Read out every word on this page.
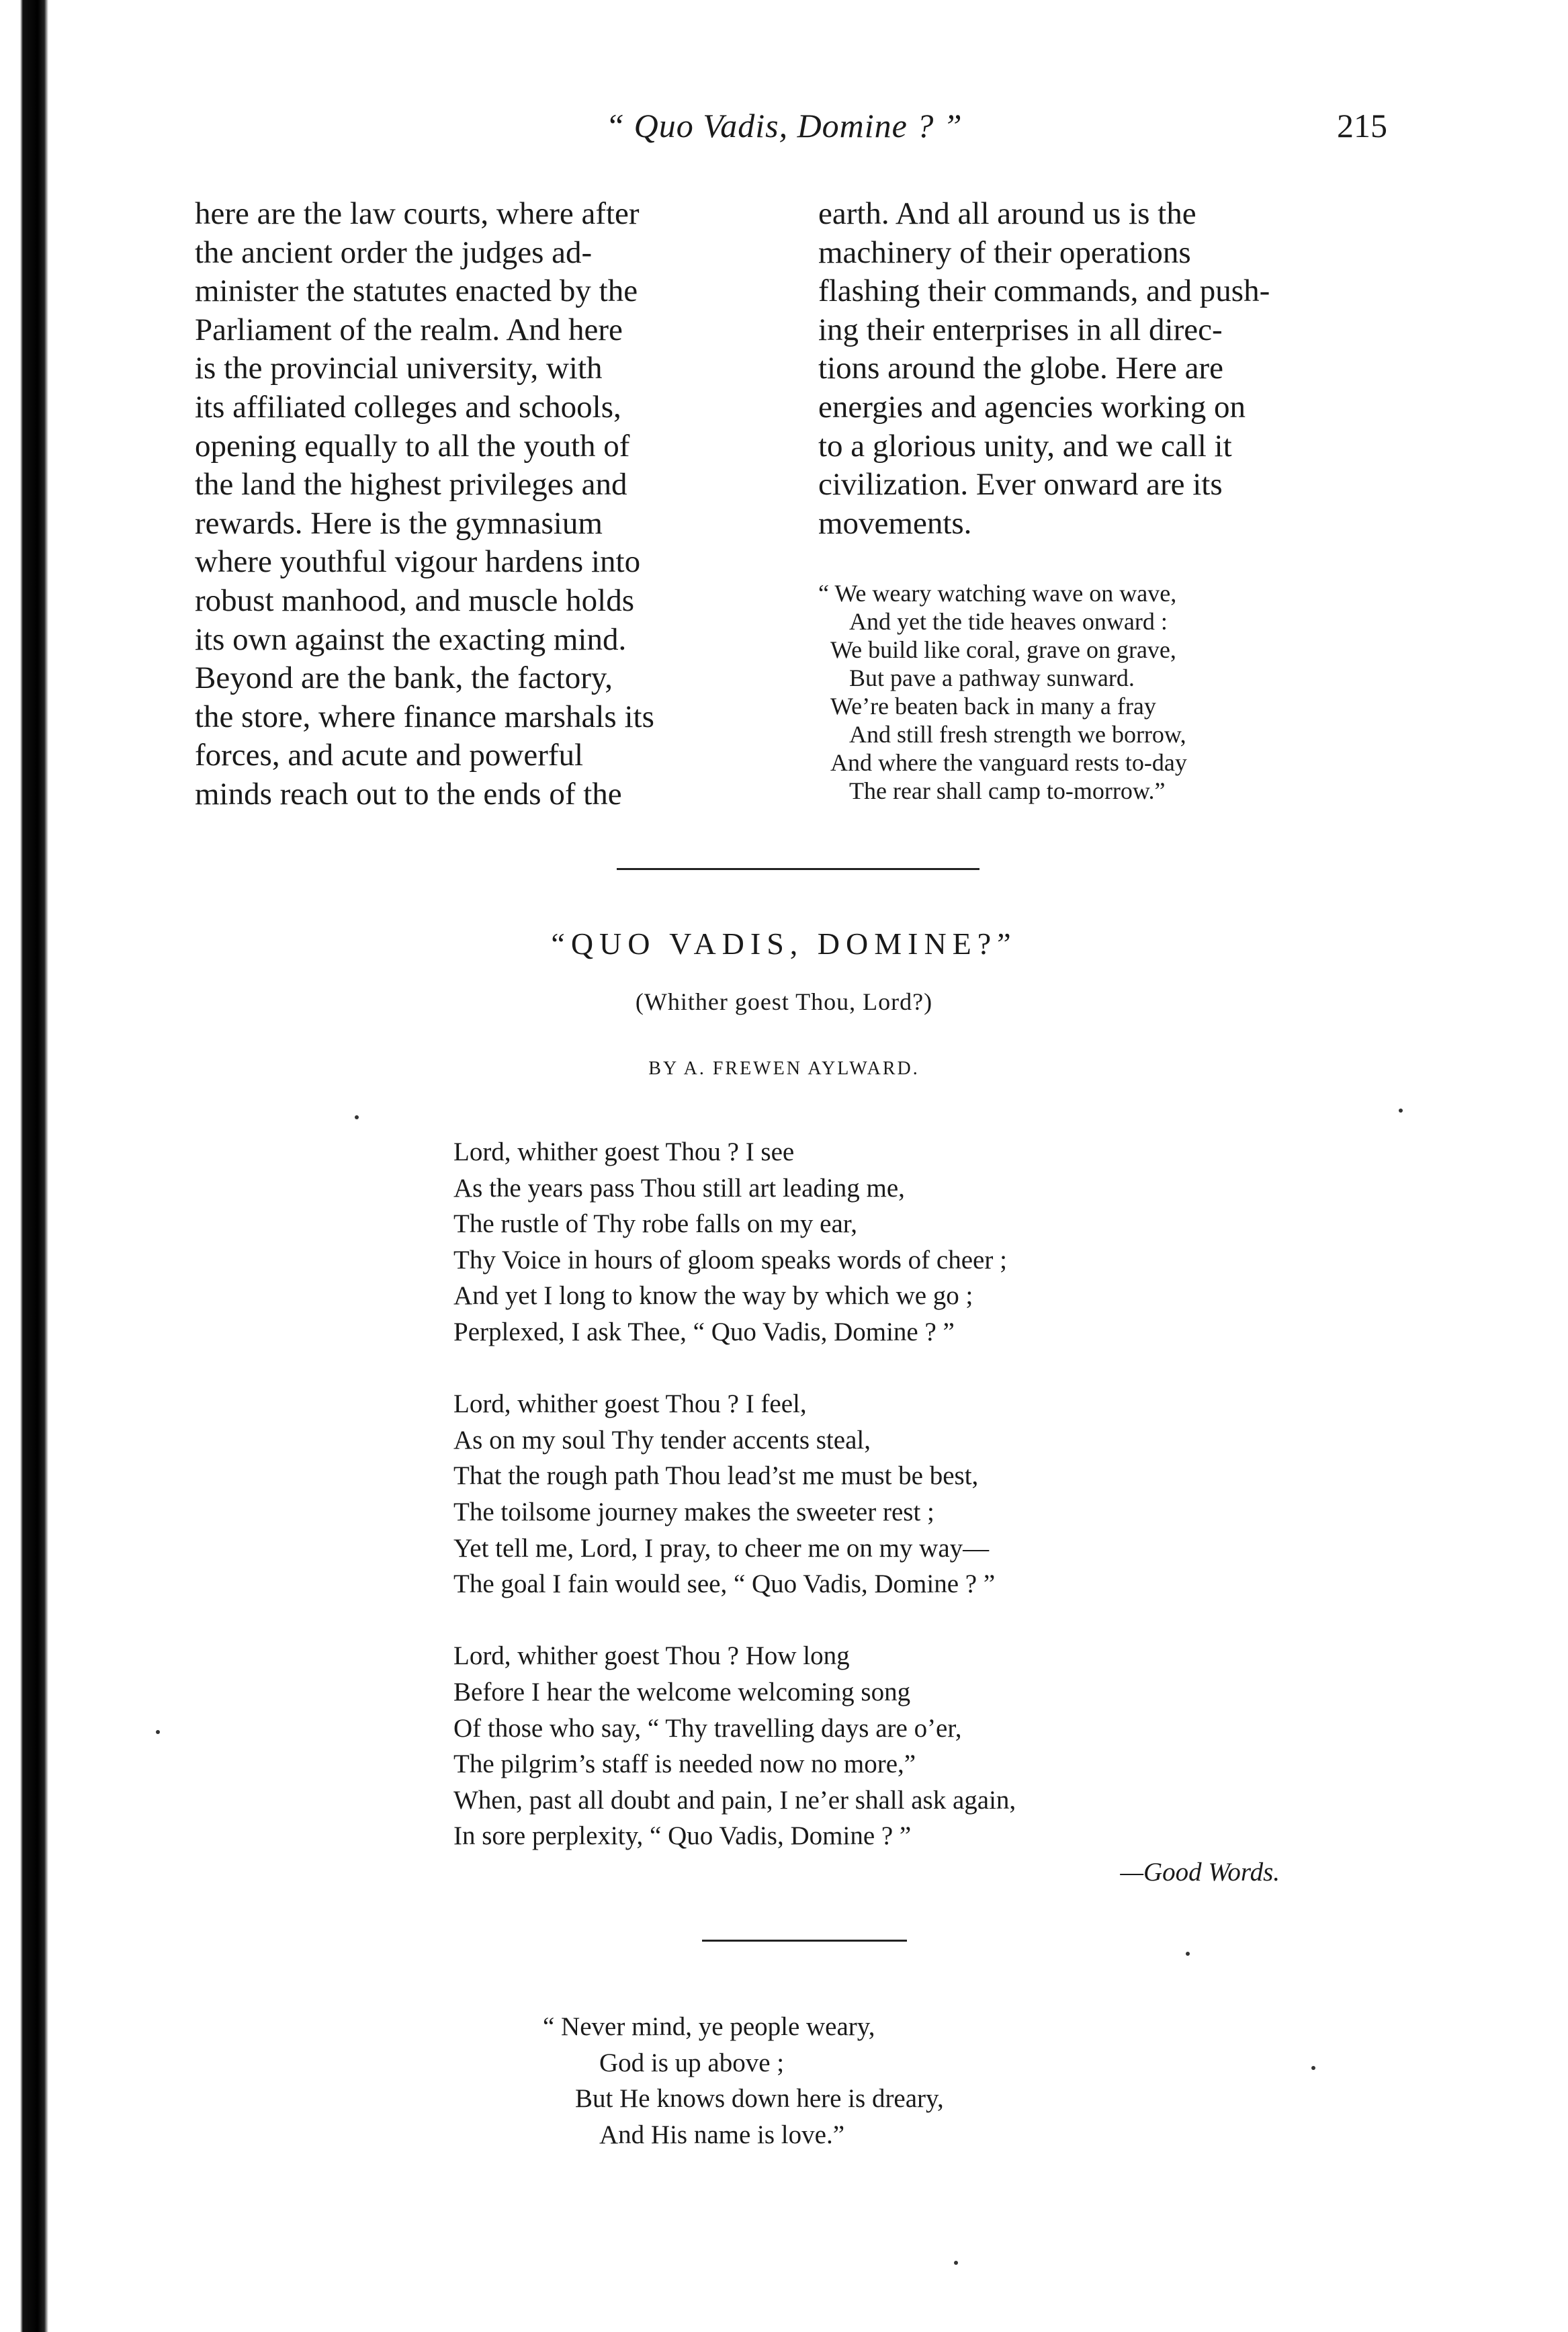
“ Quo Vadis, Domine ? ”	215

here are the law courts, where after

the ancient order the judges ad-

minister the statutes enacted by the

Parliament of the realm. And here

is the provincial university, with

its affiliated colleges and schools,

opening equally to all the youth of

the land the highest privileges and

rewards. Here is the gymnasium

where youthful vigour hardens into

robust manhood, and muscle holds

its own against the exacting mind.

Beyond are the bank, the factory,

the store, where finance marshals its

forces, and acute and powerful

minds reach out to the ends of the

earth. And all around us is the

machinery of their operations

flashing their commands, and push-

ing their enterprises in all direc-

tions around the globe. Here are

energies and agencies working on

to a glorious unity, and we call it

civilization. Ever onward are its

movements.

“ We weary watching wave on wave,
And yet the tide heaves onward :
We build like coral, grave on grave,
But pave a pathway sunward.
We’re beaten back in many a fray
And still fresh strength we borrow,
And where the vanguard rests to-day
The rear shall camp to-morrow.”
“QUO VADIS, DOMINE?”
(Whither goest Thou, Lord?)
BY A. FREWEN AYLWARD.
Lord, whither goest Thou ? I see
As the years pass Thou still art leading me,
The rustle of Thy robe falls on my ear,
Thy Voice in hours of gloom speaks words of cheer ;
And yet I long to know the way by which we go ;
Perplexed, I ask Thee, “ Quo Vadis, Domine ? ”
Lord, whither goest Thou ? I feel,
As on my soul Thy tender accents steal,
That the rough path Thou lead’st me must be best,
The toilsome journey makes the sweeter rest ;
Yet tell me, Lord, I pray, to cheer me on my way—
The goal I fain would see, “ Quo Vadis, Domine ? ”
Lord, whither goest Thou ? How long
Before I hear the welcome welcoming song
Of those who say, “ Thy travelling days are o’er,
The pilgrim’s staff is needed now no more,”
When, past all doubt and pain, I ne’er shall ask again,
In sore perplexity, “ Quo Vadis, Domine ? ”
—Good Words.
“ Never mind, ye people weary,
God is up above ;
But He knows down here is dreary,
And His name is love.”
